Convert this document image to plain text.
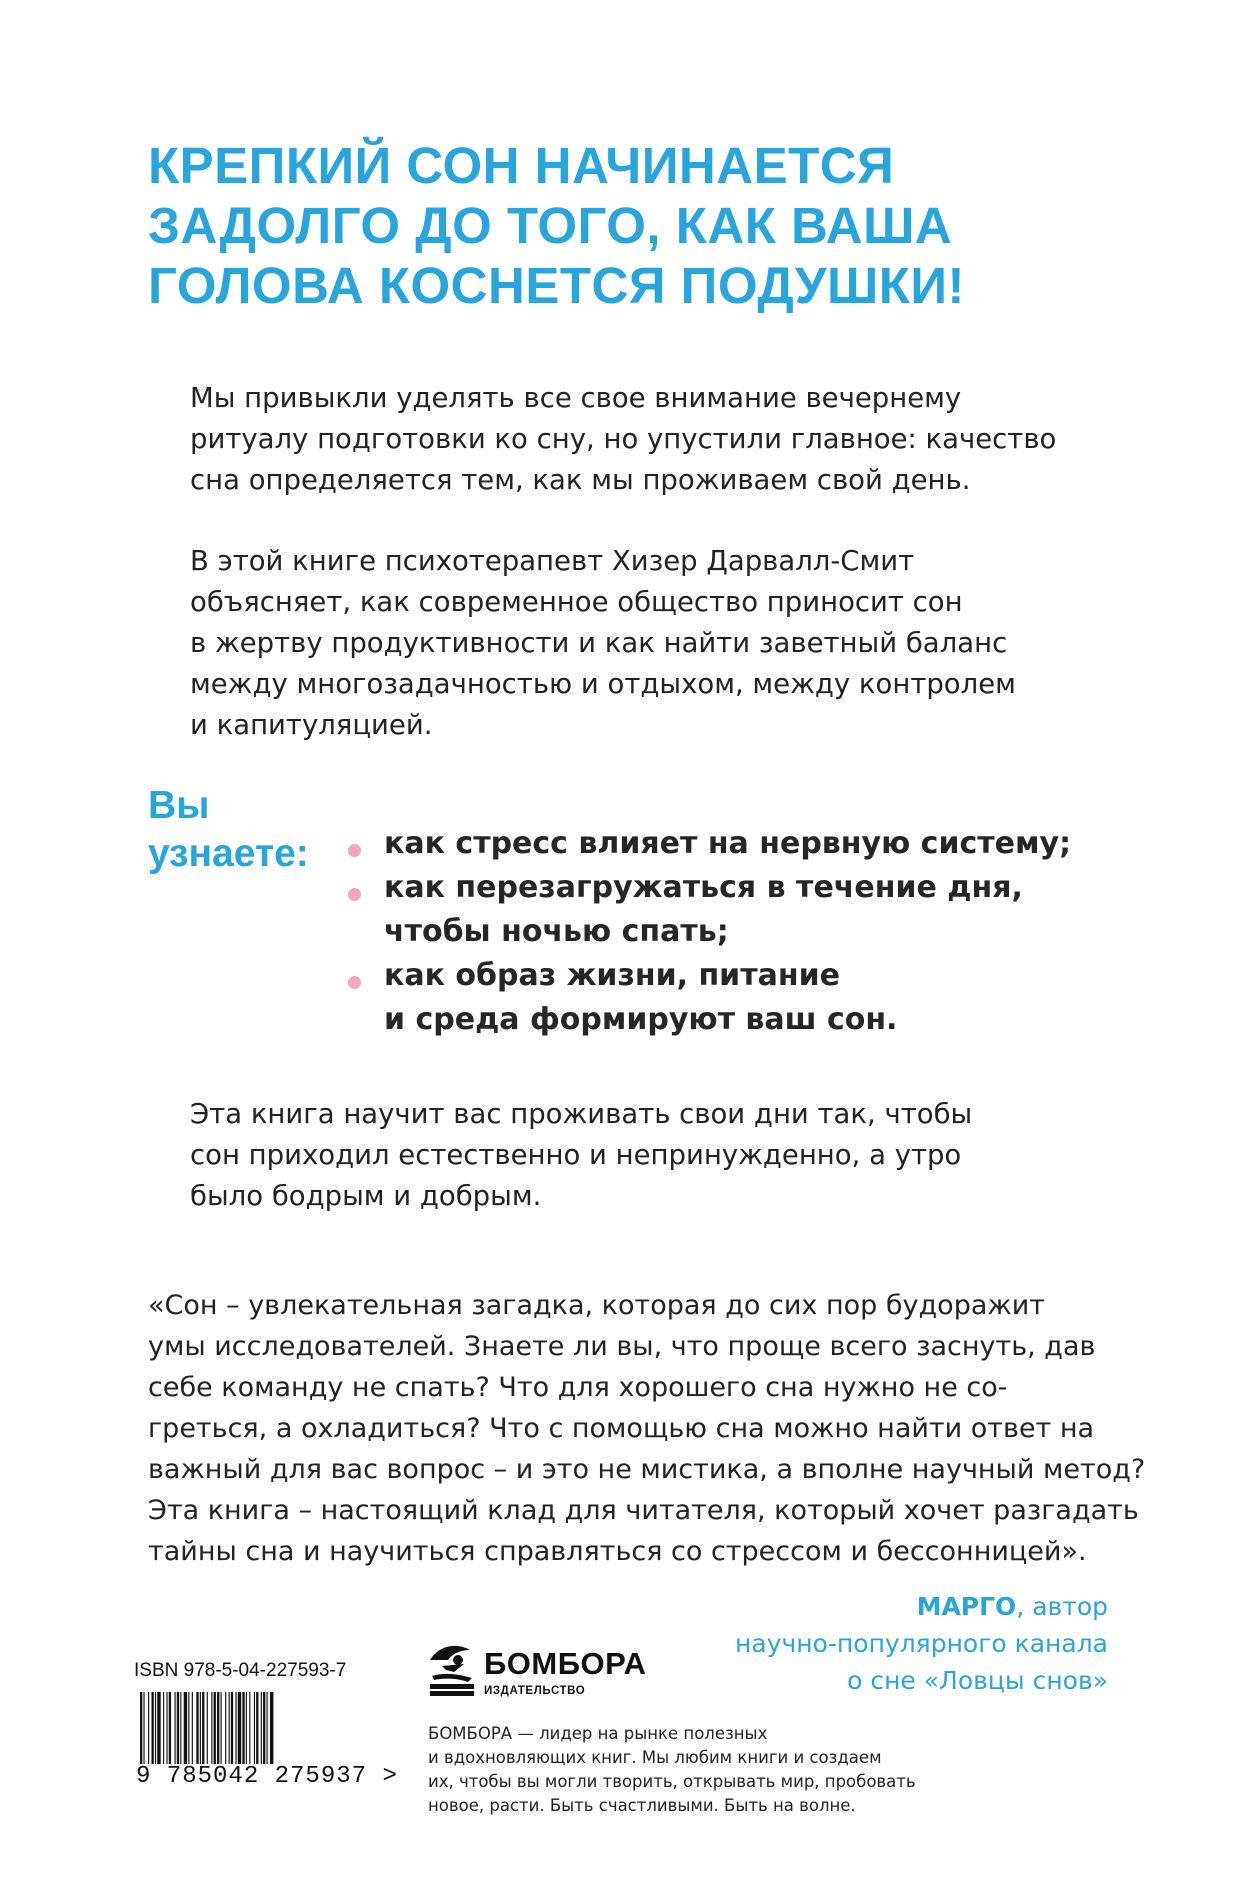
КРЕПКИЙ СОН НАЧИНАЕТСЯ
ЗАДОЛГО ДО ТОГО, КАК ВАША
ГОЛОВА КОСНЕТСЯ ПОДУШКИ!
Мы привыкли уделять все свое внимание вечернему
ритуалу подготовки ко сну, но упустили главное: качество
сна определяется тем, как мы проживаем свой день.
В этой книге психотерапевт Хизер Дарвалл-Смит
объясняет, как современное общество приносит сон
в жертву продуктивности и как найти заветный баланс
между многозадачностью и отдыхом, между контролем
и капитуляцией.
Вы
узнаете:	как стресс влияет на нервную систему;
как перезагружаться в течение дня,
чтобы ночью спать;
как образ жизни, питание
и среда формируют ваш сон.
Эта книга научит вас проживать свои дни так, чтобы
сон приходил естественно и непринужденно, а утро
было бодрым и добрым.
«Сон – увлекательная загадка, которая до сих пор будоражит
умы исследователей. Знаете ли вы, что проще всего заснуть, дав
себе команду не спать? Что для хорошего сна нужно не со-
греться, а охладиться? Что с помощью сна можно найти ответ на
важный для вас вопрос – и это не мистика, а вполне научный метод?
Эта книга – настоящий клад для читателя, который хочет разгадать
тайны сна и научиться справляться со стрессом и бессонницей».
МАРГО, автор
научно-популярного канала
о сне «Ловцы снов»
ISBN 978-5-04-227593-7
9 785042 275937 >
БОМБОРА
ИЗДАТЕЛЬСТВО
БОМБОРА — лидер на рынке полезных
и вдохновляющих книг. Мы любим книги и создаем
их, чтобы вы могли творить, открывать мир, пробовать
новое, расти. Быть счастливыми. Быть на волне.
